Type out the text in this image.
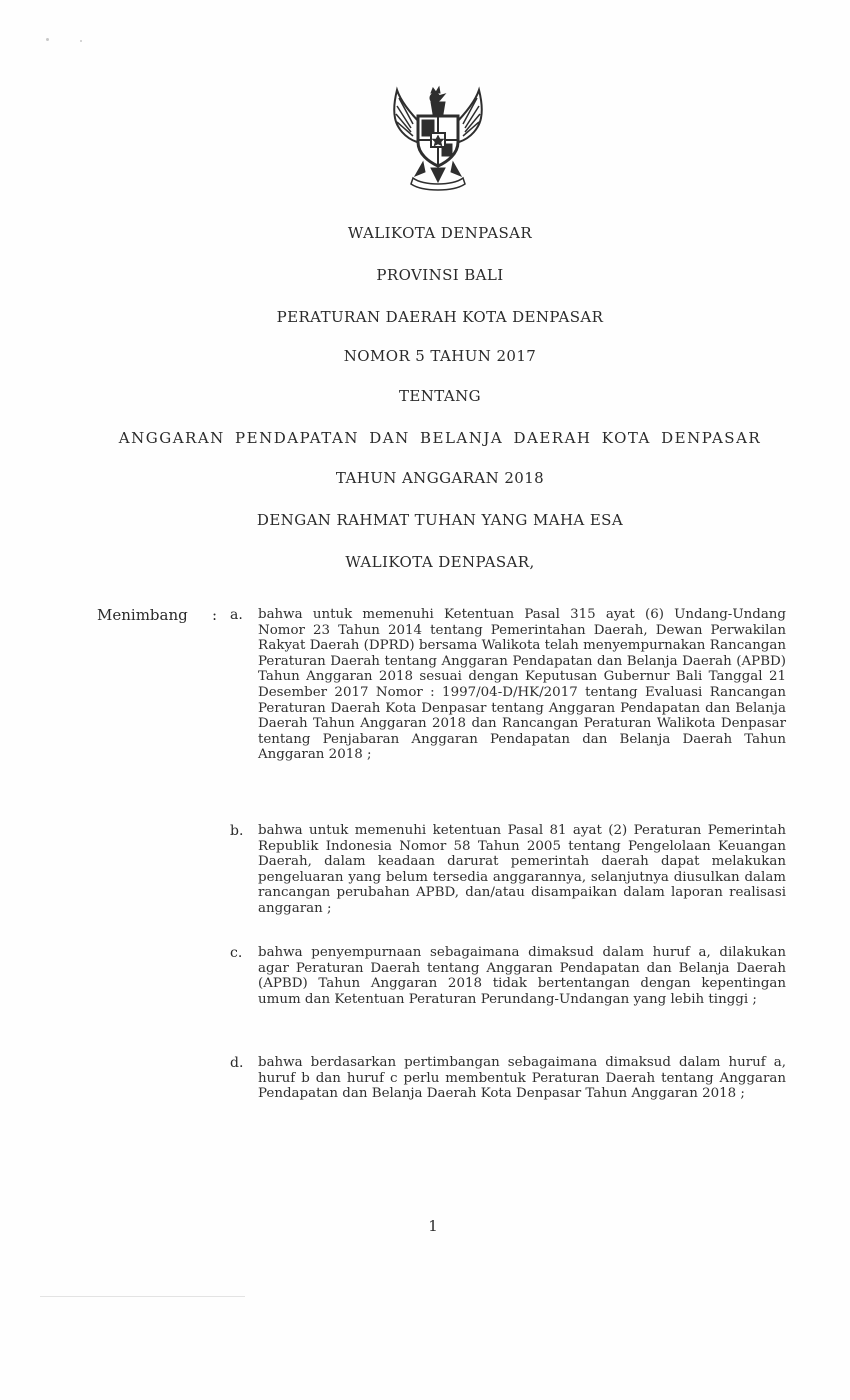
WALIKOTA DENPASAR
PROVINSI BALI
PERATURAN DAERAH KOTA DENPASAR
NOMOR 5 TAHUN 2017
TENTANG
ANGGARAN PENDAPATAN DAN BELANJA DAERAH KOTA DENPASAR
TAHUN ANGGARAN 2018
DENGAN RAHMAT TUHAN YANG MAHA ESA
WALIKOTA DENPASAR,
Menimbang : a. bahwa untuk memenuhi Ketentuan Pasal 315 ayat (6) Undang-Undang Nomor 23 Tahun 2014 tentang Pemerintahan Daerah, Dewan Perwakilan Rakyat Daerah (DPRD) bersama Walikota telah menyempurnakan Rancangan Peraturan Daerah tentang Anggaran Pendapatan dan Belanja Daerah (APBD) Tahun Anggaran 2018 sesuai dengan Keputusan Gubernur Bali Tanggal 21 Desember 2017 Nomor : 1997/04-D/HK/2017 tentang Evaluasi Rancangan Peraturan Daerah Kota Denpasar tentang Anggaran Pendapatan dan Belanja Daerah Tahun Anggaran 2018 dan Rancangan Peraturan Walikota Denpasar tentang Penjabaran Anggaran Pendapatan dan Belanja Daerah Tahun Anggaran 2018 ;
b. bahwa untuk memenuhi ketentuan Pasal 81 ayat (2) Peraturan Pemerintah Republik Indonesia Nomor 58 Tahun 2005 tentang Pengelolaan Keuangan Daerah, dalam keadaan darurat pemerintah daerah dapat melakukan pengeluaran yang belum tersedia anggarannya, selanjutnya diusulkan dalam rancangan perubahan APBD, dan/atau disampaikan dalam laporan realisasi anggaran ;
c. bahwa penyempurnaan sebagaimana dimaksud dalam huruf a, dilakukan agar Peraturan Daerah tentang Anggaran Pendapatan dan Belanja Daerah (APBD) Tahun Anggaran 2018 tidak bertentangan dengan kepentingan umum dan Ketentuan Peraturan Perundang-Undangan yang lebih tinggi ;
d. bahwa berdasarkan pertimbangan sebagaimana dimaksud dalam huruf a, huruf b dan huruf c perlu membentuk Peraturan Daerah tentang Anggaran Pendapatan dan Belanja Daerah Kota Denpasar Tahun Anggaran 2018 ;
1
